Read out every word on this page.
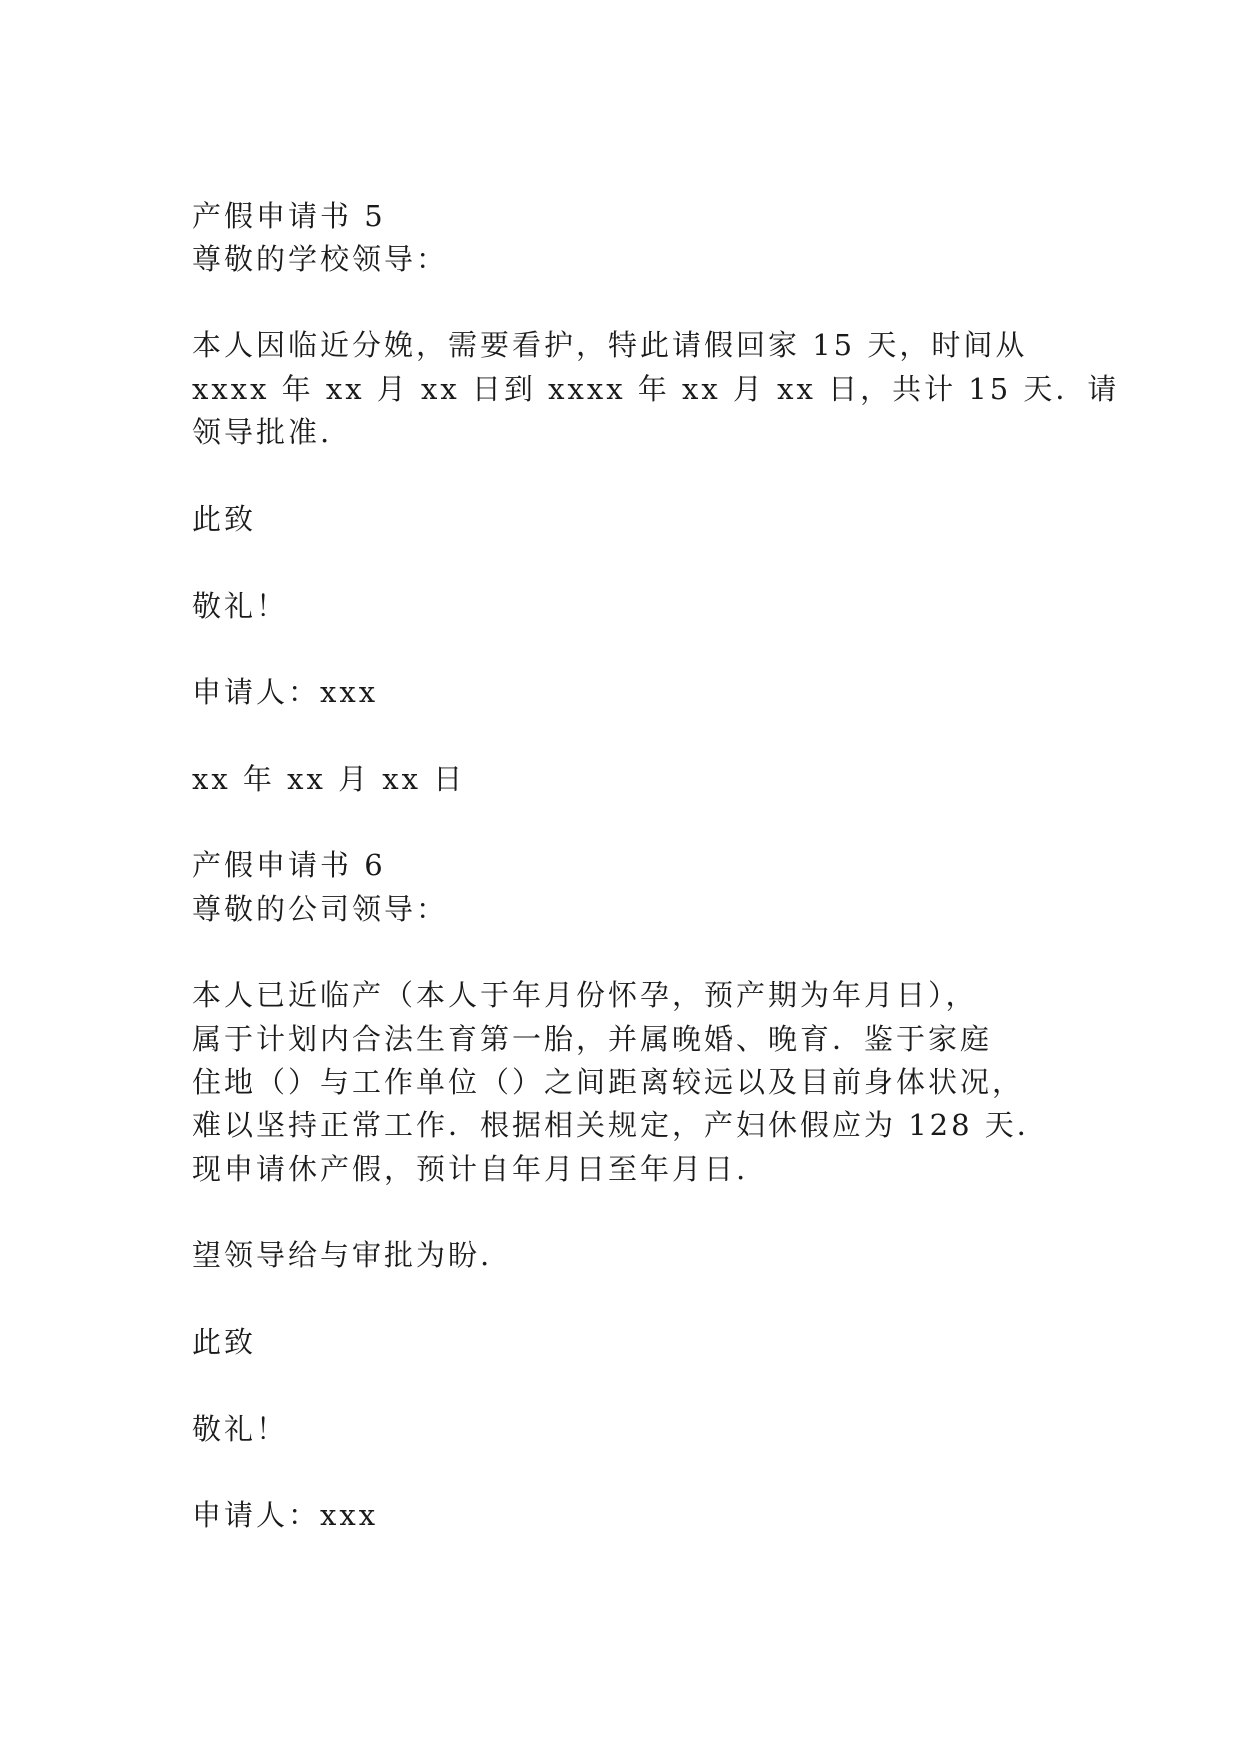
产假申请书 5
尊敬的学校领导：
本人因临近分娩，需要看护，特此请假回家 15 天，时间从
xxxx 年 xx 月 xx 日到 xxxx 年 xx 月 xx 日，共计 15 天．请
领导批准.
此致
敬礼！
申请人：xxx
xx 年 xx 月 xx 日
产假申请书 6
尊敬的公司领导：
本人已近临产（本人于年月份怀孕，预产期为年月日），
属于计划内合法生育第一胎，并属晚婚、晚育．鉴于家庭
住地（）与工作单位（）之间距离较远以及目前身体状况，
难以坚持正常工作．根据相关规定，产妇休假应为 128 天．
现申请休产假，预计自年月日至年月日.
望领导给与审批为盼.
此致
敬礼！
申请人：xxx
